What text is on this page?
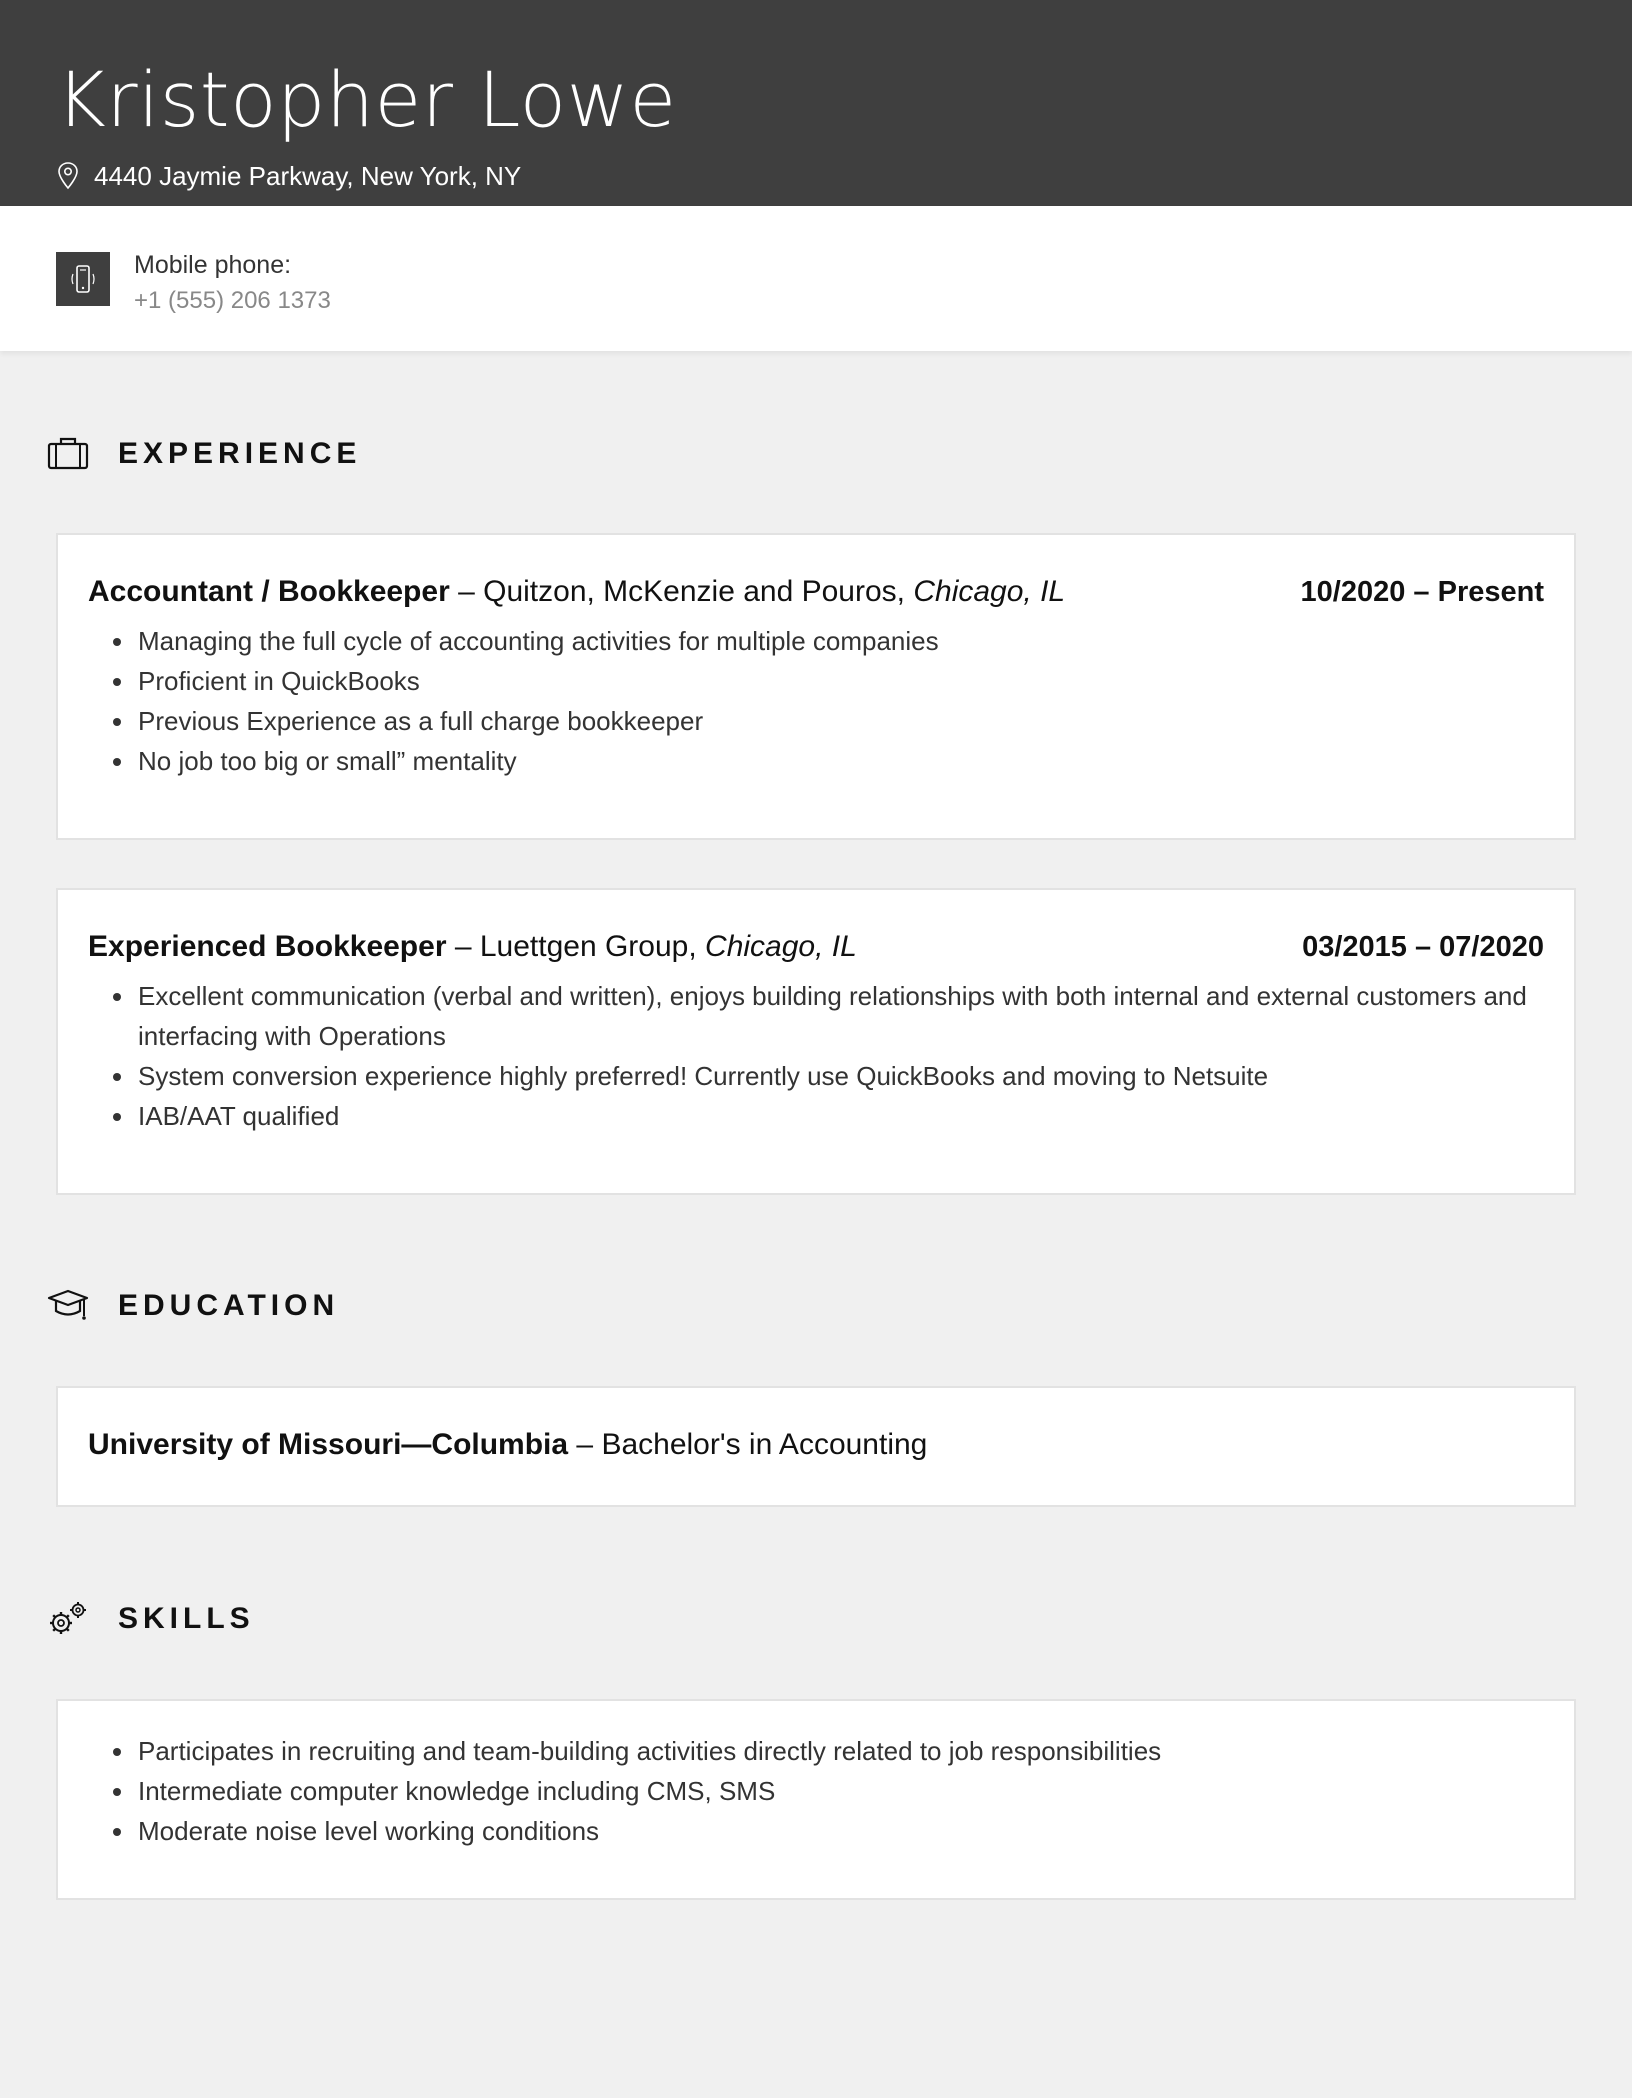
Kristopher Lowe
4440 Jaymie Parkway, New York, NY
Mobile phone:
+1 (555) 206 1373
EXPERIENCE
Accountant / Bookkeeper – Quitzon, McKenzie and Pouros, Chicago, IL	10/2020 – Present
• Managing the full cycle of accounting activities for multiple companies
• Proficient in QuickBooks
• Previous Experience as a full charge bookkeeper
• No job too big or small” mentality
Experienced Bookkeeper – Luettgen Group, Chicago, IL	03/2015 – 07/2020
• Excellent communication (verbal and written), enjoys building relationships with both internal and external customers and interfacing with Operations
• System conversion experience highly preferred! Currently use QuickBooks and moving to Netsuite
• IAB/AAT qualified
EDUCATION
University of Missouri—Columbia – Bachelor's in Accounting
SKILLS
• Participates in recruiting and team-building activities directly related to job responsibilities
• Intermediate computer knowledge including CMS, SMS
• Moderate noise level working conditions
